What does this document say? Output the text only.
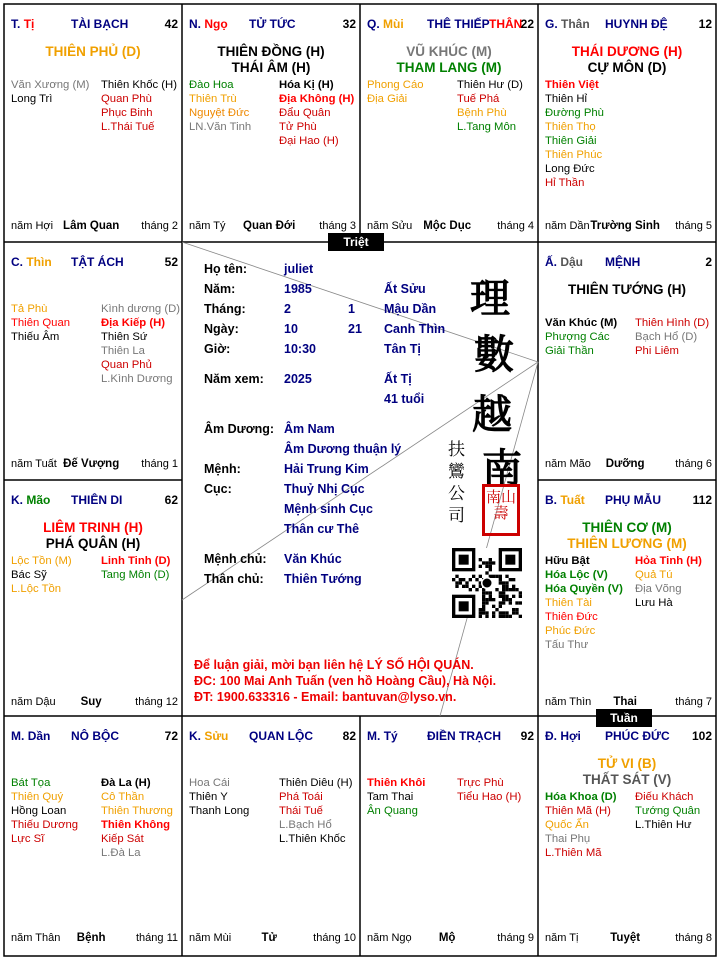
T. Tị	TÀI BẠCH	42
THIÊN PHỦ (D)
Văn Xương (M)
Long Trì
Thiên Khốc (H)
Quan Phù
Phục Binh
L.Thái Tuế
năm Hợi Lâm Quan tháng 2
N. Ngọ TỬ TỨC	32
THIÊN ĐỒNG (H)
THÁI ÂM (H)
Đào Hoa
Thiên Trù
Nguyệt Đức
LN.Văn Tinh
Hóa Kị (H)
Địa Không (H)
Đẩu Quân
Tử Phù
Đại Hao (H)
năm Tý Quan Đới tháng 3
Q. Mùi THÊ THIẾP THÂN
22
VŨ KHÚC (M)
THAM LANG (M)
Phong Cáo
Địa Giải
Thiên Hư (D)
Tuế Phá
Bệnh Phù
L.Tang Môn
năm Sửu Mộc Dục tháng 4
G. Thân HUYNH ĐỆ	12
THÁI DƯƠNG (H)
CỰ MÔN (D)
Thiên Việt
Thiên Hỉ
Đường Phù
Thiên Thọ
Thiên Giải
Thiên Phúc
Long Đức
Hỉ Thần
năm Dần Trường Sinh tháng 5
C. Thìn TẬT ÁCH	52
Tả Phù
Thiên Quan
Thiếu Âm
Kình dương (D)
Địa Kiếp (H)
Thiên Sứ
Thiên La
Quan Phủ
L.Kình Dương
năm Tuất Đế Vượng tháng 1
Ấ. Dậu MỆNH	2
THIÊN TƯỚNG (H)
Văn Khúc (M)
Phượng Các
Giải Thần
Thiên Hình (D)
Bạch Hổ (D)
Phi Liêm
năm Mão Dưỡng	tháng 6
K. Mão THIÊN DI	62
LIÊM TRINH (H)
PHÁ QUÂN (H)
Lộc Tồn (M)
Bác Sỹ
L.Lộc Tồn
Linh Tinh (D)
Tang Môn (D)
năm Dậu Suy	tháng 12
B. Tuất PHỤ MẪU	112
THIÊN CƠ (M)
THIÊN LƯƠNG (M)
Hữu Bật
Hóa Lộc (V)
Hóa Quyền (V)
Thiên Tài
Thiên Đức
Phúc Đức
Tấu Thư
Hỏa Tinh (H)
Quả Tú
Địa Võng
Lưu Hà
năm Thìn Thai	tháng 7
M. Dần NÔ BỘC	72
Bát Tọa
Thiên Quý
Hồng Loan
Thiếu Dương
Lực Sĩ
Đà La (H)
Cô Thần
Thiên Thương
Thiên Không
Kiếp Sát
L.Đà La
năm Thân Bệnh	tháng 11
K. Sửu QUAN LỘC 82
Hoa Cái
Thiên Y
Thanh Long
Thiên Diêu (H)
Phá Toái
Thái Tuế
L.Bạch Hổ
L.Thiên Khốc
năm Mùi	Tử	tháng 10
M. Tý ĐIỀN TRẠCH 92
Thiên Khôi
Tam Thai
Ân Quang
Trực Phù
Tiểu Hao (H)
năm Ngọ Mộ	tháng 9
Đ. Hợi PHÚC ĐỨC 102
TỬ VI (B)
THẤT SÁT (V)
Hóa Khoa (D)
Thiên Mã (H)
Quốc Ấn
Thai Phụ
L.Thiên Mã
Điếu Khách
Tướng Quân
L.Thiên Hư
năm Tị	Tuyệt	tháng 8
Triệt
Tuần
Họ tên:	juliet
Năm:	1985	Ất Sửu
Tháng:	2	1 Mậu Dần
Ngày:	10	21 Canh Thìn
Giờ:	10:30	Tân Tị
Năm xem: 2025	Ất Tị
41 tuổi
Âm Dương: Âm Nam
Âm Dương thuận lý
Mệnh:	Hải Trung Kim
Cục:	Thuỷ Nhị Cục
Mệnh sinh Cục
Thân cư Thê
Mệnh chủ: Văn Khúc
Thân chủ: Thiên Tướng
Để luận giải, mời bạn liên hệ LÝ SỐ HỘI QUÁN.
ĐC: 100 Mai Anh Tuấn (ven hồ Hoàng Cầu), Hà Nội.
ĐT: 1900.633316 - Email: bantuvan@lyso.vn.
理
數
越
南
扶
鸞
公
司
南山壽
